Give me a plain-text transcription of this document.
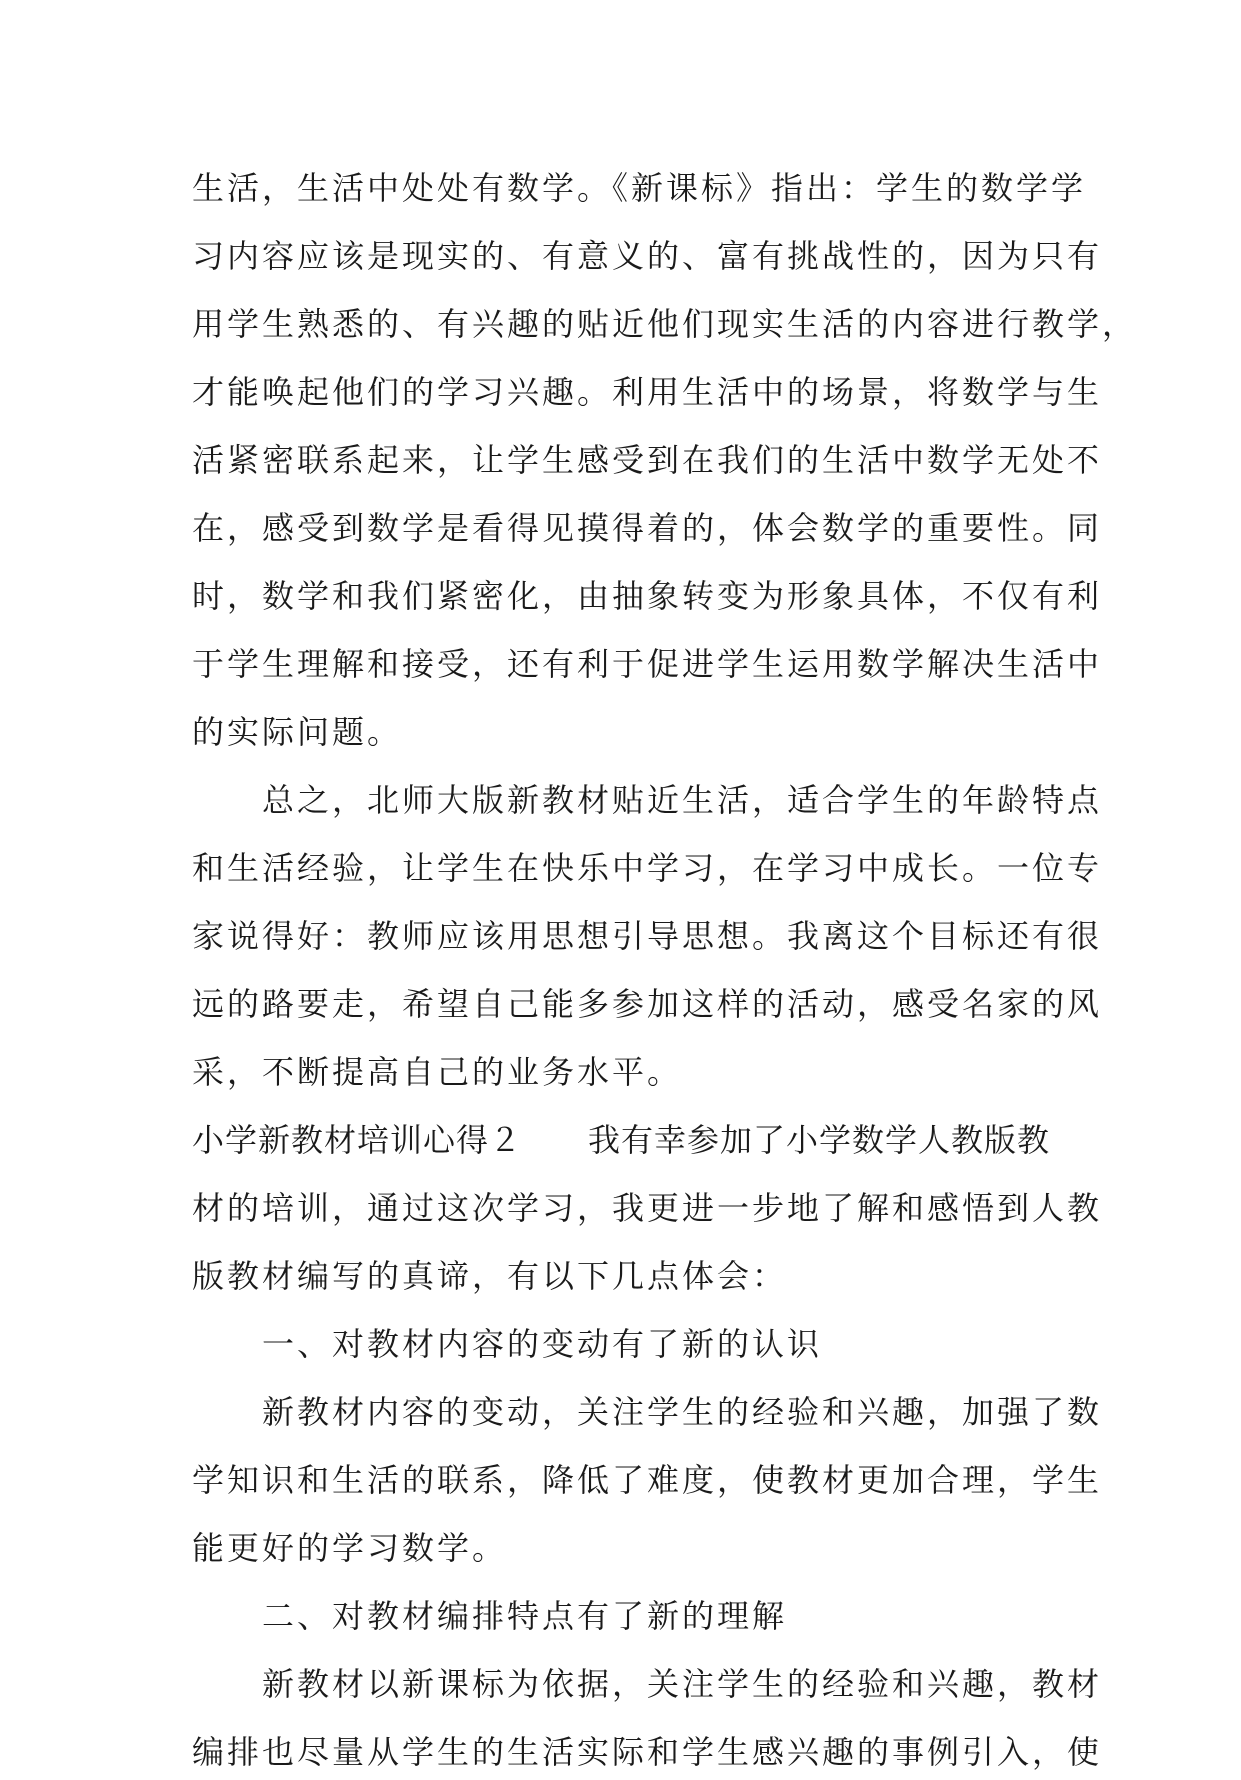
生活，生活中处处有数学。《新课标》指出：学生的数学学
习内容应该是现实的、有意义的、富有挑战性的，因为只有
用学生熟悉的、有兴趣的贴近他们现实生活的内容进行教学，
才能唤起他们的学习兴趣。利用生活中的场景，将数学与生
活紧密联系起来，让学生感受到在我们的生活中数学无处不
在，感受到数学是看得见摸得着的，体会数学的重要性。同
时，数学和我们紧密化，由抽象转变为形象具体，不仅有利
于学生理解和接受，还有利于促进学生运用数学解决生活中
的实际问题。
　　总之，北师大版新教材贴近生活，适合学生的年龄特点
和生活经验，让学生在快乐中学习，在学习中成长。一位专
家说得好：教师应该用思想引导思想。我离这个目标还有很
远的路要走，希望自己能多参加这样的活动，感受名家的风
采，不断提高自己的业务水平。
小学新教材培训心得２　　我有幸参加了小学数学人教版教
材的培训，通过这次学习，我更进一步地了解和感悟到人教
版教材编写的真谛，有以下几点体会：
　　一、对教材内容的变动有了新的认识
　　新教材内容的变动，关注学生的经验和兴趣，加强了数
学知识和生活的联系，降低了难度，使教材更加合理，学生
能更好的学习数学。
　　二、对教材编排特点有了新的理解
　　新教材以新课标为依据，关注学生的经验和兴趣，教材
编排也尽量从学生的生活实际和学生感兴趣的事例引入，使
